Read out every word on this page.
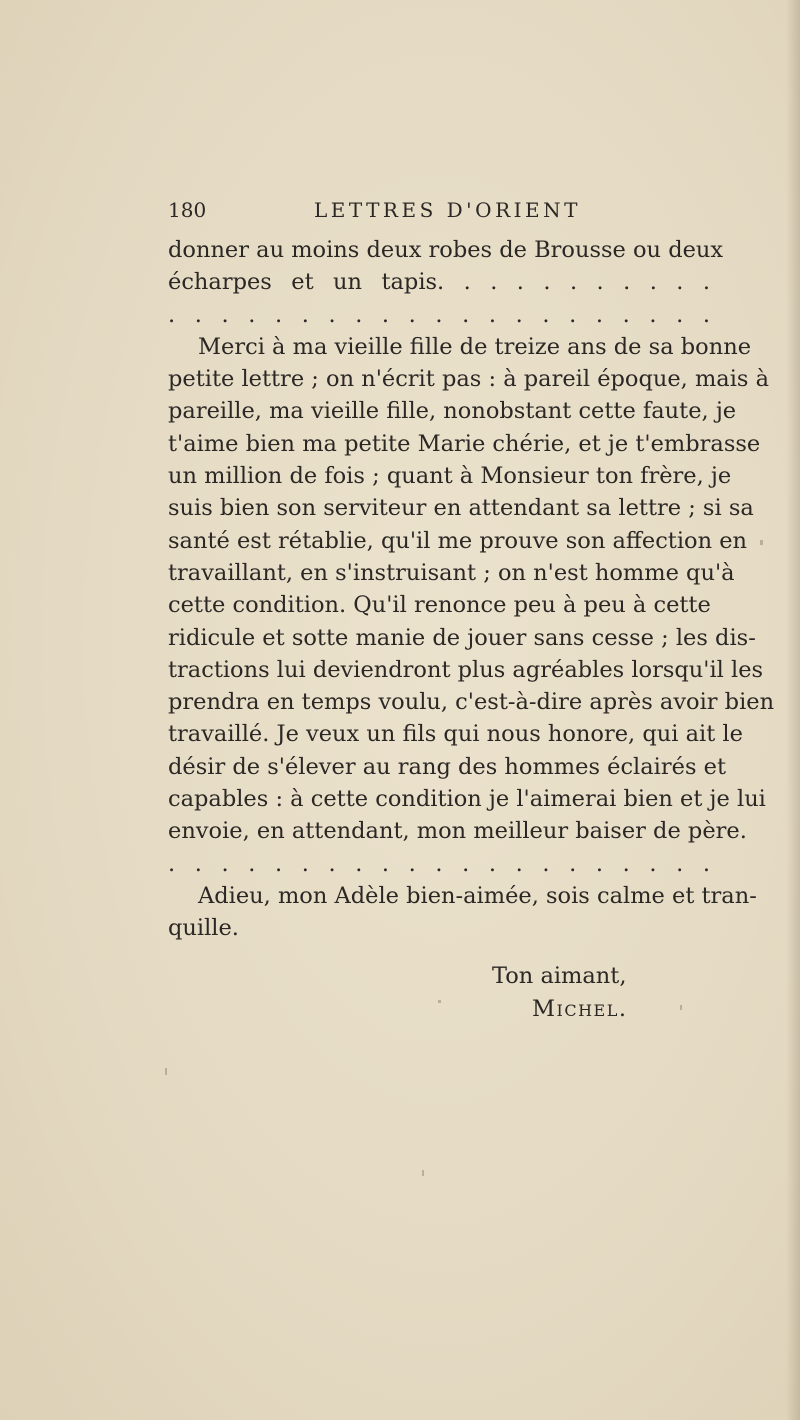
180	LETTRES D'ORIENT
donner au moins deux robes de Brousse ou deux
écharpes et un tapis. . . . . . . . . . .
. . . . . . . . . . . . . . . . . . . . .
Merci à ma vieille fille de treize ans de sa bonne
petite lettre ; on n'écrit pas : à pareil époque, mais à
pareille, ma vieille fille, nonobstant cette faute, je
t'aime bien ma petite Marie chérie, et je t'embrasse
un million de fois ; quant à Monsieur ton frère, je
suis bien son serviteur en attendant sa lettre ; si sa
santé est rétablie, qu'il me prouve son affection en
travaillant, en s'instruisant ; on n'est homme qu'à
cette condition. Qu'il renonce peu à peu à cette
ridicule et sotte manie de jouer sans cesse ; les dis-
tractions lui deviendront plus agréables lorsqu'il les
prendra en temps voulu, c'est-à-dire après avoir bien
travaillé. Je veux un fils qui nous honore, qui ait le
désir de s'élever au rang des hommes éclairés et
capables : à cette condition je l'aimerai bien et je lui
envoie, en attendant, mon meilleur baiser de père.
. . . . . . . . . . . . . . . . . . . . .
Adieu, mon Adèle bien-aimée, sois calme et tran-
quille.
Ton aimant,
Michel.
